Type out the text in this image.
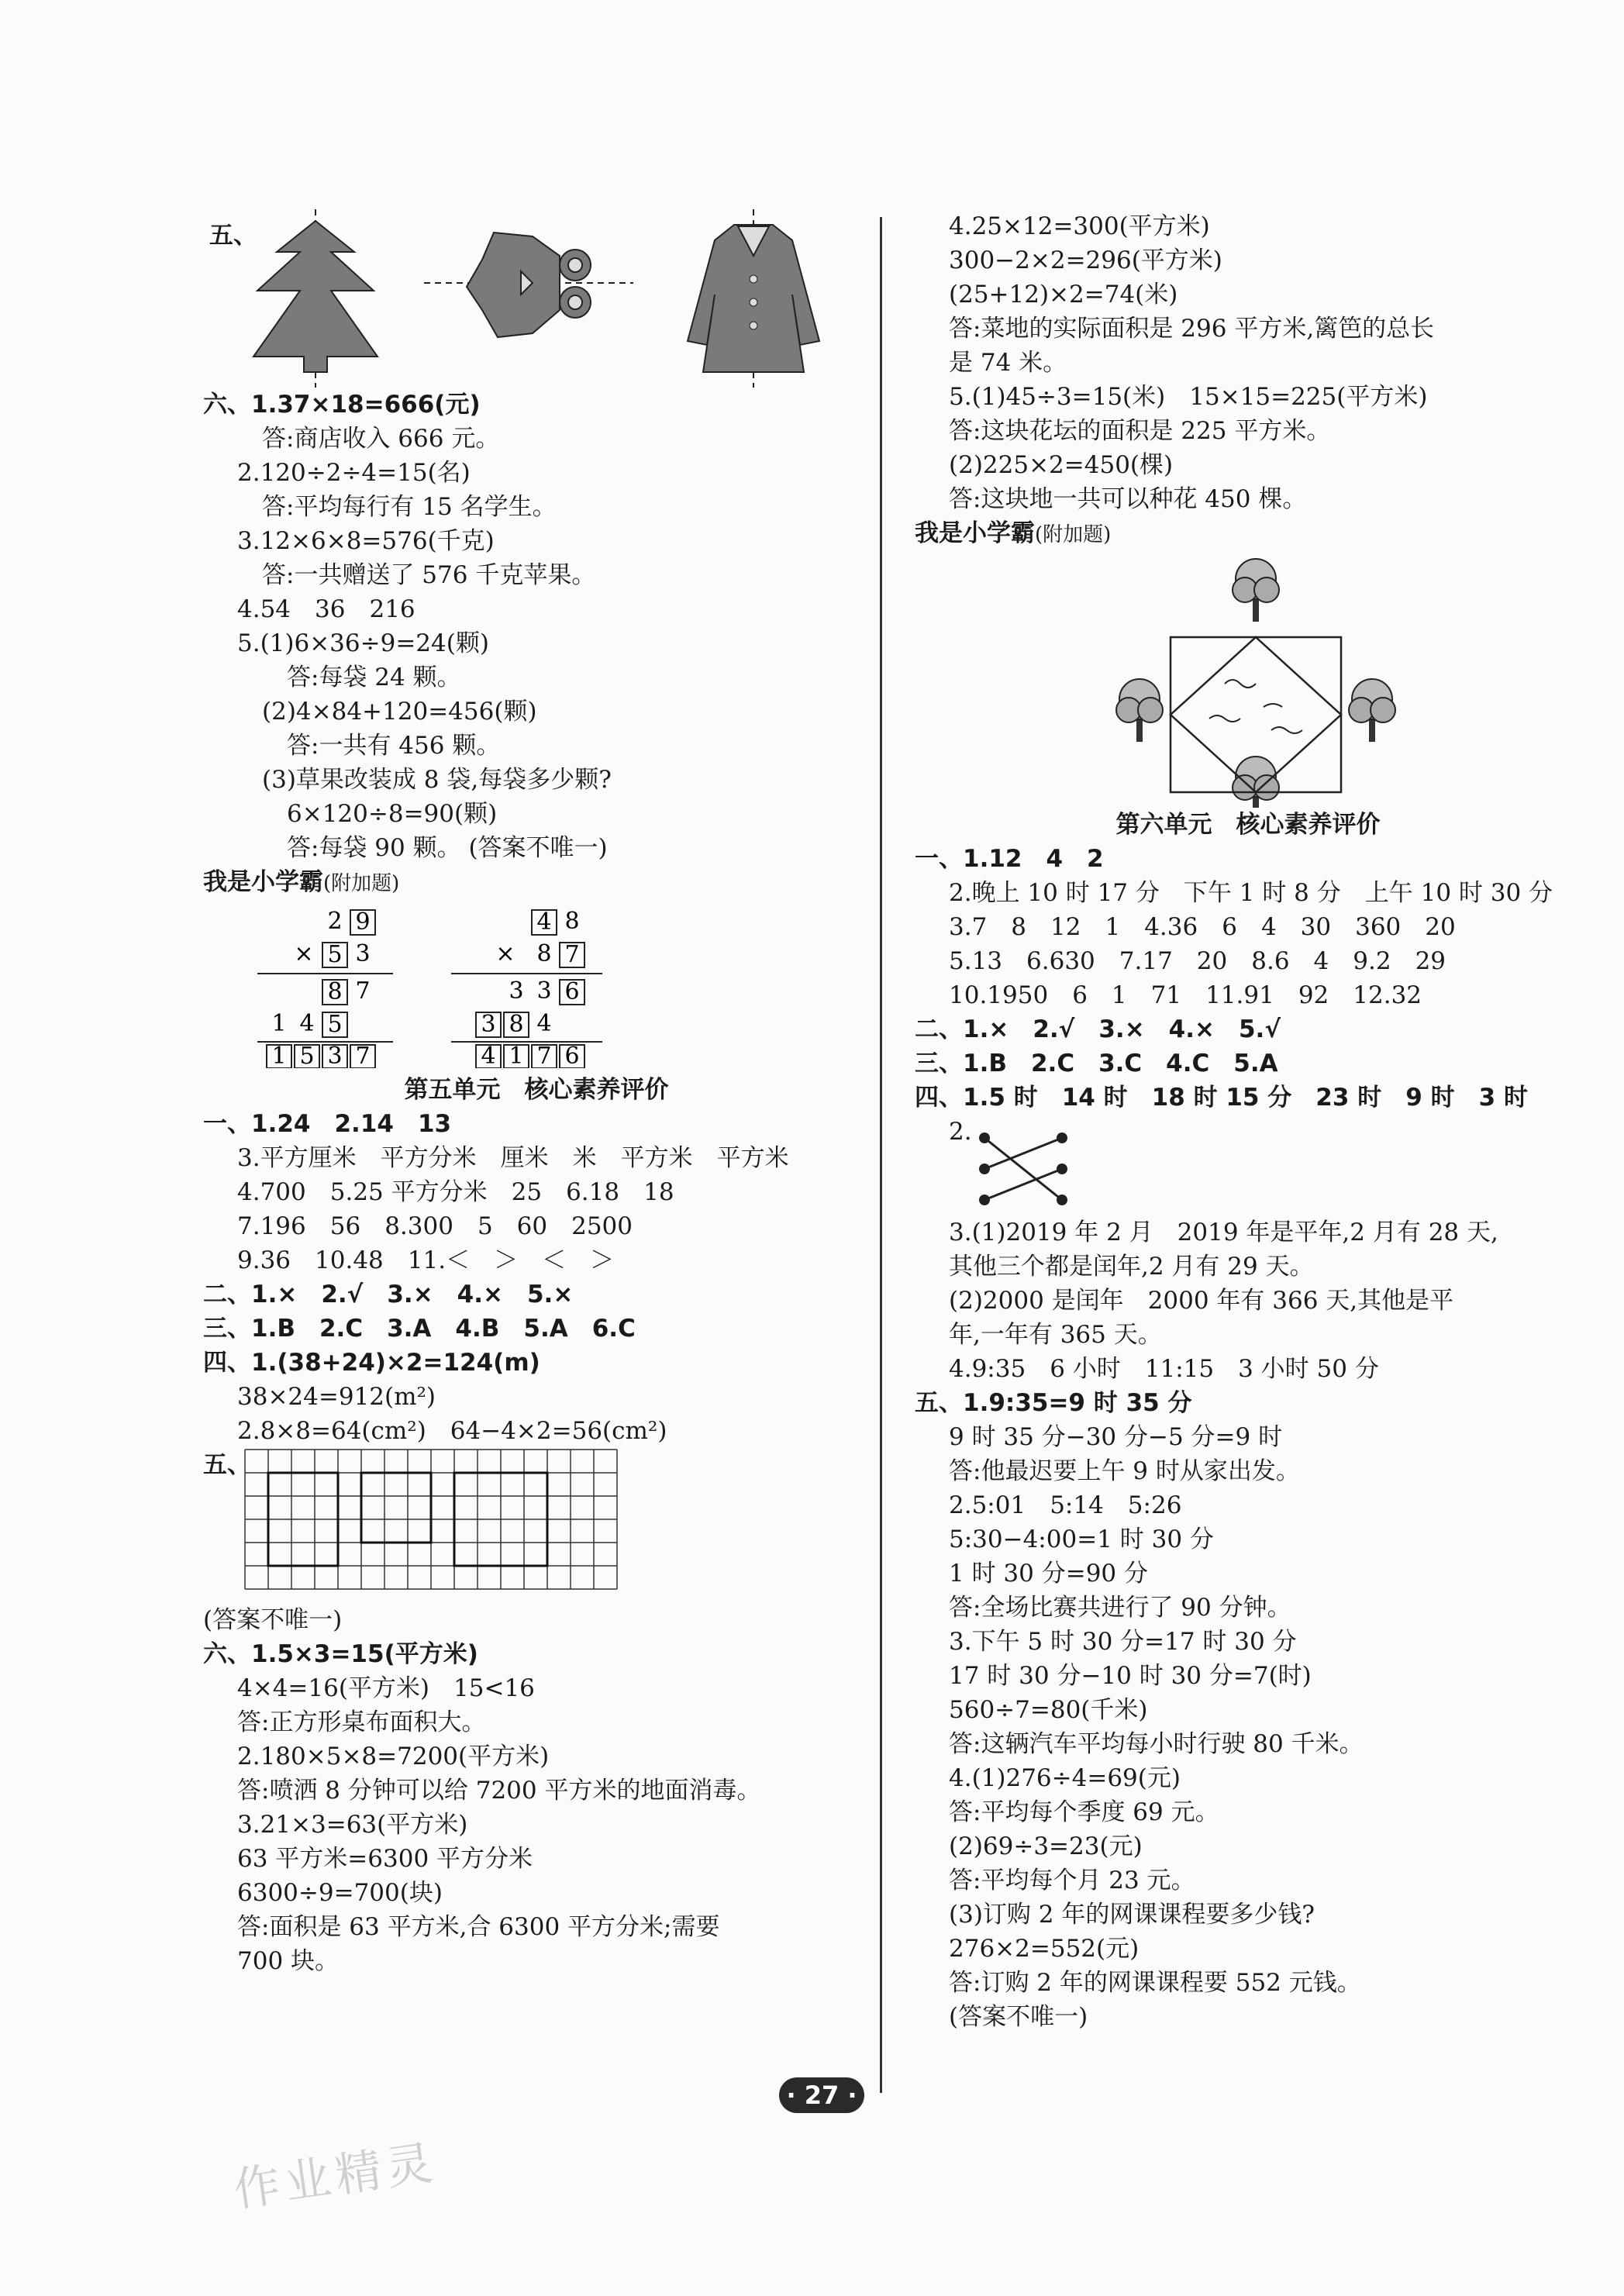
五、
六、1.37×18=666(元)
答:商店收入 666 元。
2.120÷2÷4=15(名)
答:平均每行有 15 名学生。
3.12×6×8=576(千克)
答:一共赠送了 576 千克苹果。
4.54　36　216
5.(1)6×36÷9=24(颗)
答:每袋 24 颗。
(2)4×84+120=456(颗)
答:一共有 456 颗。
(3)草果改装成 8 袋,每袋多少颗?
6×120÷8=90(颗)
答:每袋 90 颗。 (答案不唯一)
我是小学霸(附加题)
2 9
× 5 3
8 7
1 4 5
1 5 3 7
4 8
× 8 7
3 3 6
3 8 4
4 1 7 6
第五单元　核心素养评价
一、1.24　2.14　13
3.平方厘米　平方分米　厘米　米　平方米　平方米
4.700　5.25 平方分米　25　6.18　18
7.196　56　8.300　5　60　2500
9.36　10.48　11.＜　＞　＜　＞
二、1.×　2.√　3.×　4.×　5.×
三、1.B　2.C　3.A　4.B　5.A　6.C
四、1.(38+24)×2=124(m)
38×24=912(m²)
2.8×8=64(cm²)　64−4×2=56(cm²)
五、
(答案不唯一)
六、1.5×3=15(平方米)
4×4=16(平方米)　15<16
答:正方形桌布面积大。
2.180×5×8=7200(平方米)
答:喷洒 8 分钟可以给 7200 平方米的地面消毒。
3.21×3=63(平方米)
63 平方米=6300 平方分米
6300÷9=700(块)
答:面积是 63 平方米,合 6300 平方分米;需要
700 块。
4.25×12=300(平方米)
300−2×2=296(平方米)
(25+12)×2=74(米)
答:菜地的实际面积是 296 平方米,篱笆的总长
是 74 米。
5.(1)45÷3=15(米)　15×15=225(平方米)
答:这块花坛的面积是 225 平方米。
(2)225×2=450(棵)
答:这块地一共可以种花 450 棵。
我是小学霸(附加题)
第六单元　核心素养评价
一、1.12　4　2
2.晚上 10 时 17 分　下午 1 时 8 分　上午 10 时 30 分
3.7　8　12　1　4.36　6　4　30　360　20
5.13　6.630　7.17　20　8.6　4　9.2　29
10.1950　6　1　71　11.91　92　12.32
二、1.×　2.√　3.×　4.×　5.√
三、1.B　2.C　3.C　4.C　5.A
四、1.5 时　14 时　18 时 15 分　23 时　9 时　3 时
2.
3.(1)2019 年 2 月　2019 年是平年,2 月有 28 天,
其他三个都是闰年,2 月有 29 天。
(2)2000 是闰年　2000 年有 366 天,其他是平
年,一年有 365 天。
4.9:35　6 小时　11:15　3 小时 50 分
五、1.9:35=9 时 35 分
9 时 35 分−30 分−5 分=9 时
答:他最迟要上午 9 时从家出发。
2.5:01　5:14　5:26
5:30−4:00=1 时 30 分
1 时 30 分=90 分
答:全场比赛共进行了 90 分钟。
3.下午 5 时 30 分=17 时 30 分
17 时 30 分−10 时 30 分=7(时)
560÷7=80(千米)
答:这辆汽车平均每小时行驶 80 千米。
4.(1)276÷4=69(元)
答:平均每个季度 69 元。
(2)69÷3=23(元)
答:平均每个月 23 元。
(3)订购 2 年的网课课程要多少钱?
276×2=552(元)
答:订购 2 年的网课课程要 552 元钱。
(答案不唯一)
· 27 ·
作业精灵
